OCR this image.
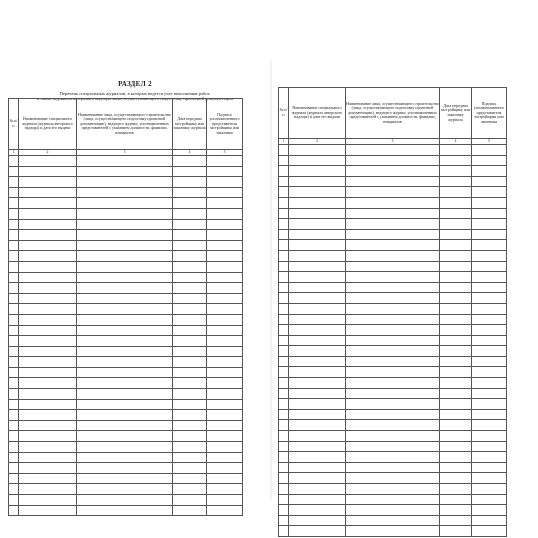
РАЗДЕЛ 2
Перечень специальных журналов, в которых ведется учет выполнения работ,
а также журналов авторского надзора лица, осуществляющего подготовку проектной документации
№ п/п	Наименование специального журнала (журнала авторского надзора) и дата его выдачи	Наименование лица, осуществляющего строительство (лица, осуществляющего подготовку проектной документации), ведущего журнал, уполномоченных представителей с указанием должности, фамилии, инициалов	Дата передачи застройщику или заказчику журнала	Подпись уполномоченного представителя застройщика или заказчика
1	2	3	4	5

№ п/п	Наименование специального журнала (журнала авторского надзора) и дата его выдачи	Наименование лица, осуществляющего строительство (лица, осуществляющего подготовку проектной документации), ведущего журнал, уполномоченных представителей с указанием должности, фамилии, инициалов	Дата передачи застройщику или заказчику журнала	Подпись уполномоченного представителя застройщика или заказчика
1	2	3	4	5
